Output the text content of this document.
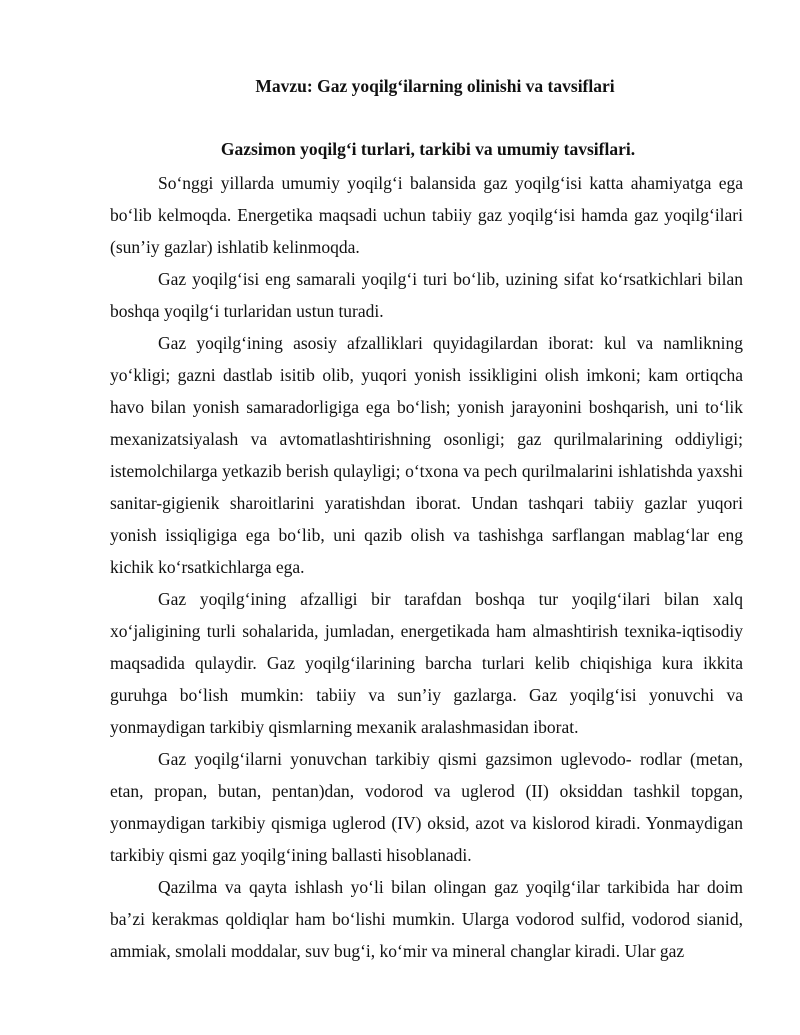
Mavzu: Gaz yoqilg‘ilarning olinishi va tavsiflari
Gazsimon yoqilg‘i turlari, tarkibi va umumiy tavsiflari.

So‘nggi yillarda umumiy yoqilg‘i balansida gaz yoqilg‘isi katta ahamiyatga ega bo‘lib kelmoqda. Energetika maqsadi uchun tabiiy gaz yoqilg‘isi hamda gaz yoqilg‘ilari (sun’iy gazlar) ishlatib kelinmoqda.

Gaz yoqilg‘isi eng samarali yoqilg‘i turi bo‘lib, uzining sifat ko‘rsatkichlari bilan boshqa yoqilg‘i turlaridan ustun turadi.

Gaz yoqilg‘ining asosiy afzalliklari quyidagilardan iborat: kul va namlikning yo‘kligi; gazni dastlab isitib olib, yuqori yonish issikligini olish imkoni; kam ortiqcha havo bilan yonish samaradorligiga ega bo‘lish; yonish jarayonini boshqarish, uni to‘lik mexanizatsiyalash va avtomatlashtirishning osonligi; gaz qurilmalarining oddiyligi; istemolchilarga yetkazib berish qulayligi; o‘txona va pech qurilmalarini ishlatishda yaxshi sanitar-gigienik sharoitlarini yaratishdan iborat. Undan tashqari tabiiy gazlar yuqori yonish issiqligiga ega bo‘lib, uni qazib olish va tashishga sarflangan mablag‘lar eng kichik ko‘rsatkichlarga ega.

Gaz yoqilg‘ining afzalligi bir tarafdan boshqa tur yoqilg‘ilari bilan xalq xo‘jaligining turli sohalarida, jumladan, energetikada ham almashtirish texnika-iqtisodiy maqsadida qulaydir. Gaz yoqilg‘ilarining barcha turlari kelib chiqishiga kura ikkita guruhga bo‘lish mumkin: tabiiy va sun’iy gazlarga. Gaz yoqilg‘isi yonuvchi va yonmaydigan tarkibiy qismlarning mexanik aralashmasidan iborat.

Gaz yoqilg‘ilarni yonuvchan tarkibiy qismi gazsimon uglevodo- rodlar (metan, etan, propan, butan, pentan)dan, vodorod va uglerod (II) oksiddan tashkil topgan, yonmaydigan tarkibiy qismiga uglerod (IV) oksid, azot va kislorod kiradi. Yonmaydigan tarkibiy qismi gaz yoqilg‘ining ballasti hisoblanadi.

Qazilma va qayta ishlash yo‘li bilan olingan gaz yoqilg‘ilar tarkibida har doim ba’zi kerakmas qoldiqlar ham bo‘lishi mumkin. Ularga vodorod sulfid, vodorod sianid, ammiak, smolali moddalar, suv bug‘i, ko‘mir va mineral changlar kiradi. Ular gaz
